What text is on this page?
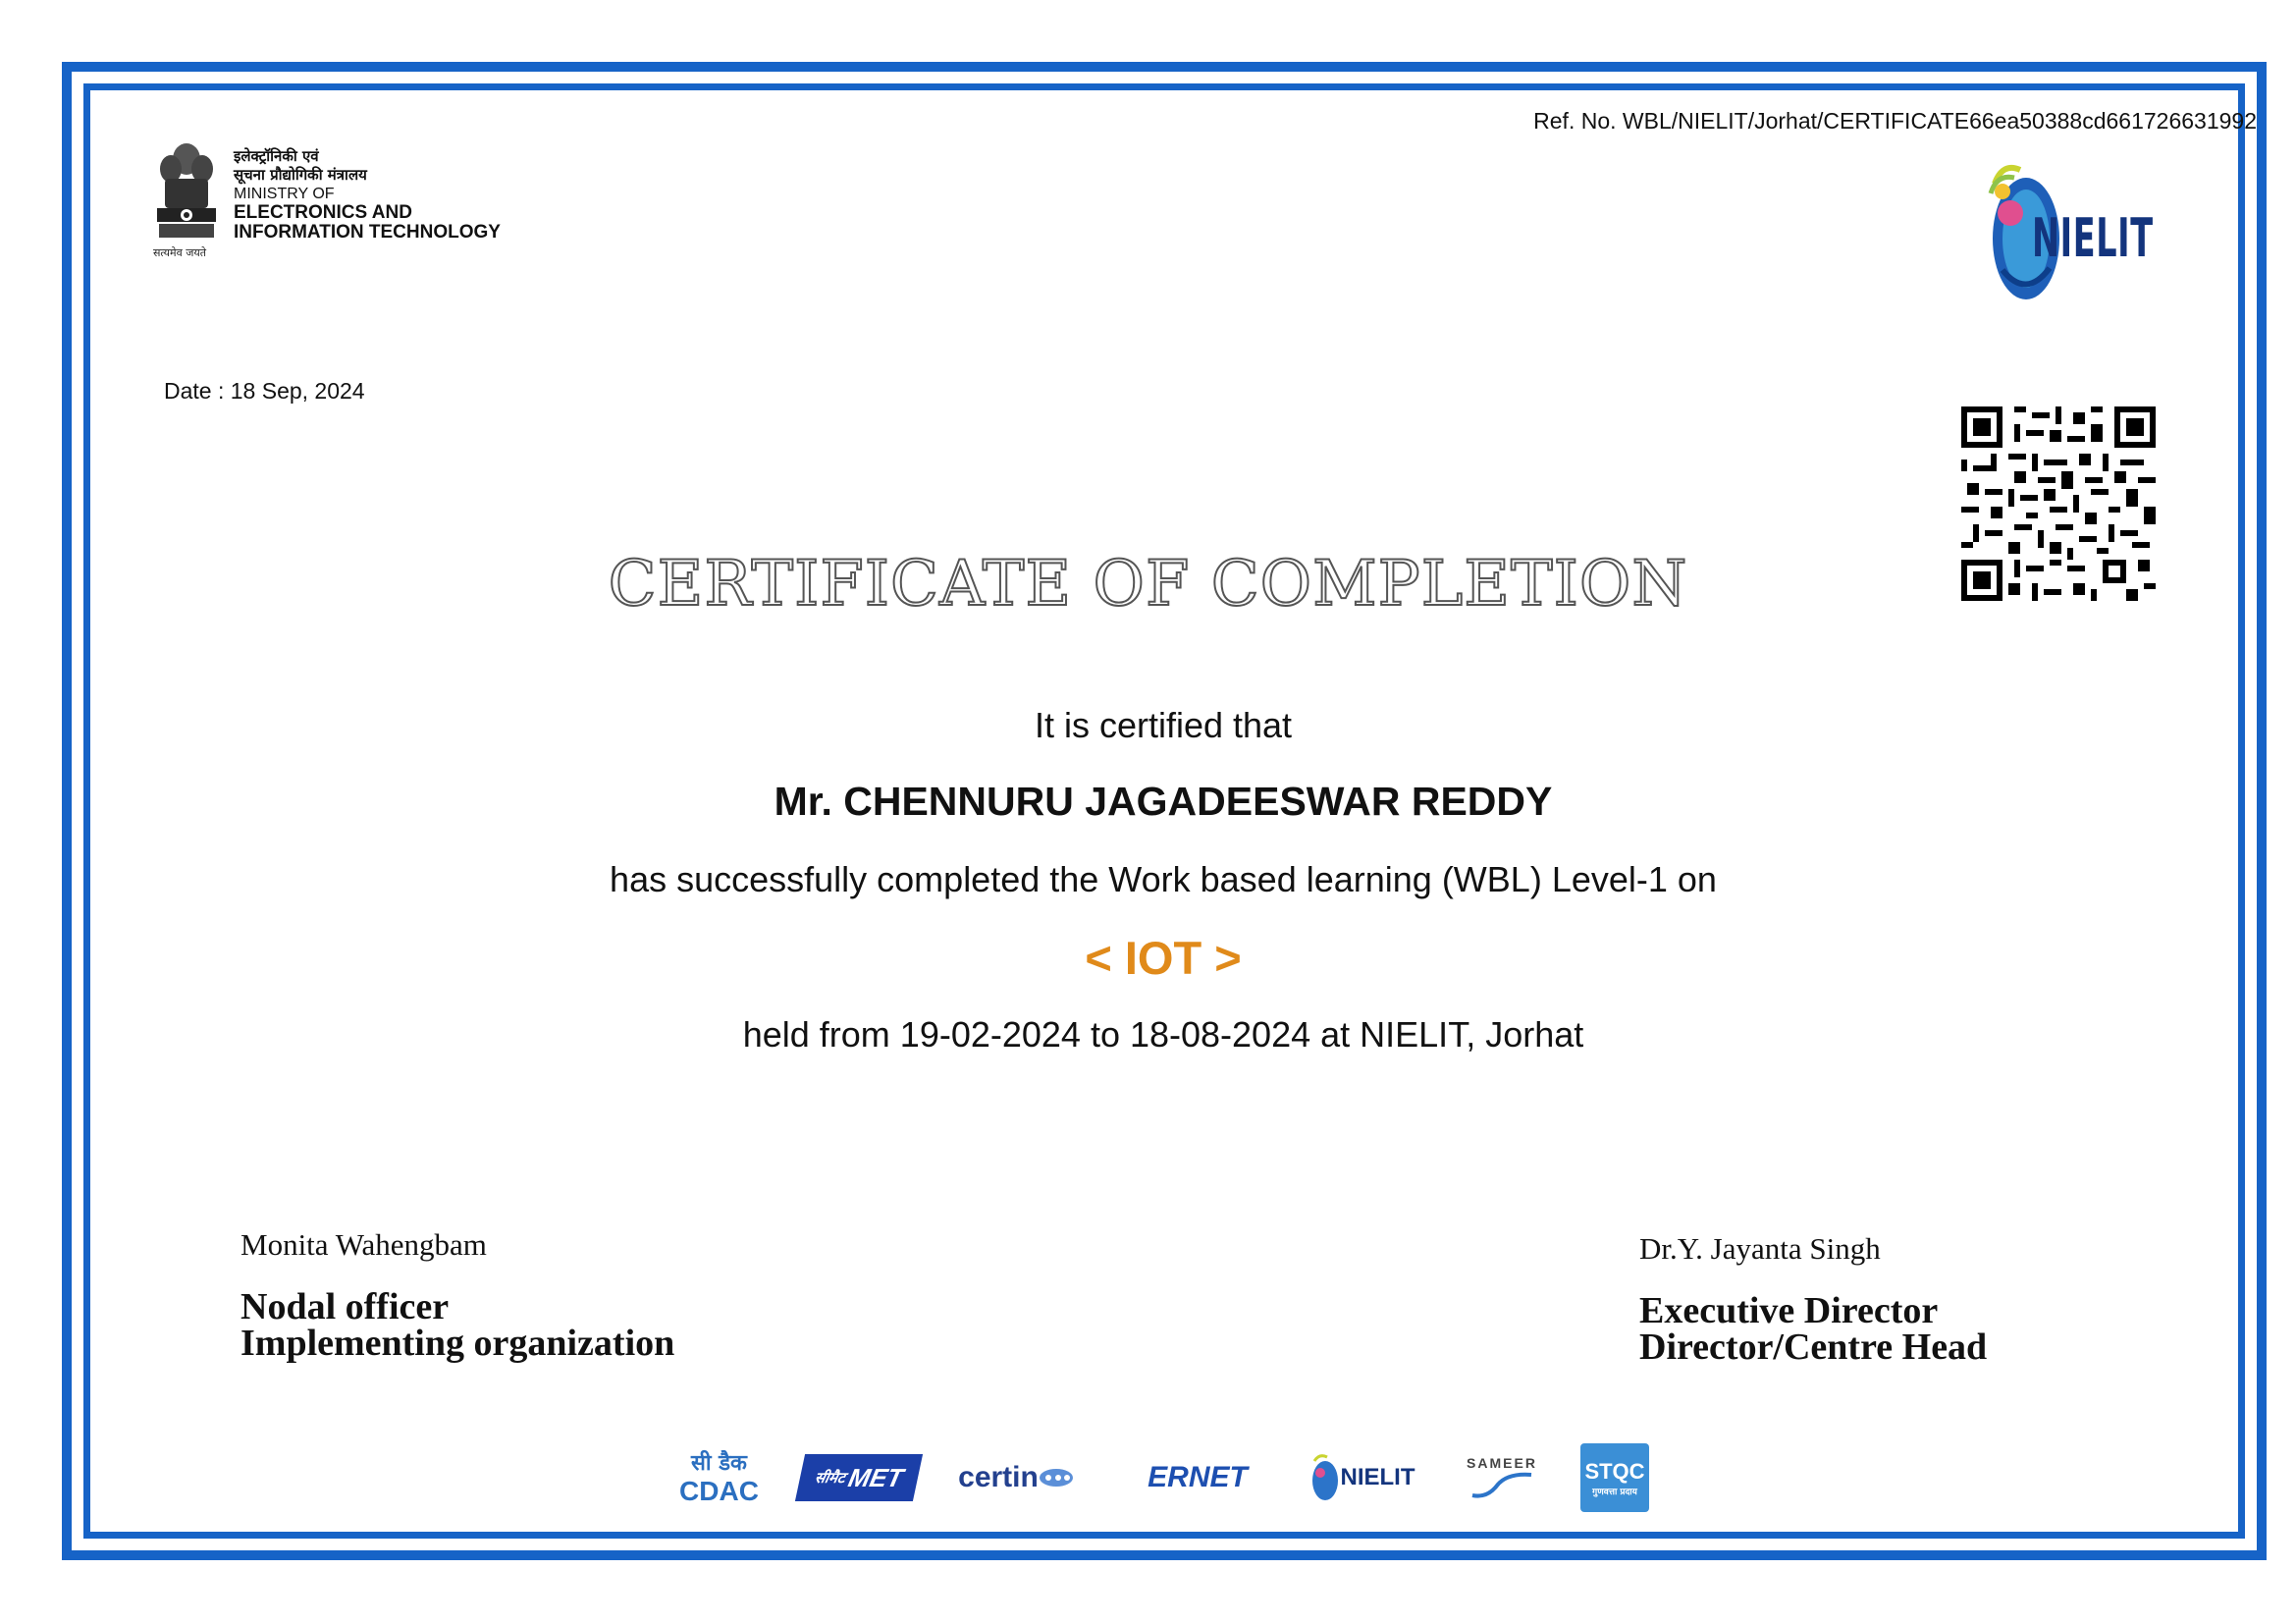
Ref. No. WBL/NIELIT/Jorhat/CERTIFICATE66ea50388cd661726631992
इलेक्ट्रॉनिकी एवं
सूचना प्रौद्योगिकी मंत्रालय
MINISTRY OF
ELECTRONICS AND
INFORMATION TECHNOLOGY
सत्यमेव जयते	NIELIT
Date : 18 Sep, 2024
CERTIFICATE OF COMPLETION
It is certified that
Mr. CHENNURU JAGADEESWAR REDDY
has successfully completed the Work based learning (WBL) Level-1 on
< IOT >
held from 19-02-2024 to 18-08-2024 at NIELIT, Jorhat
Monita Wahengbam
Nodal officer
Implementing organization
Dr.Y. Jayanta Singh
Executive Director
Director/Centre Head
सी डैक
CDAC	सीमैट MET certin	ERNET	NIELIT
SAMEER STQC
गुणवत्ता प्रदाय
